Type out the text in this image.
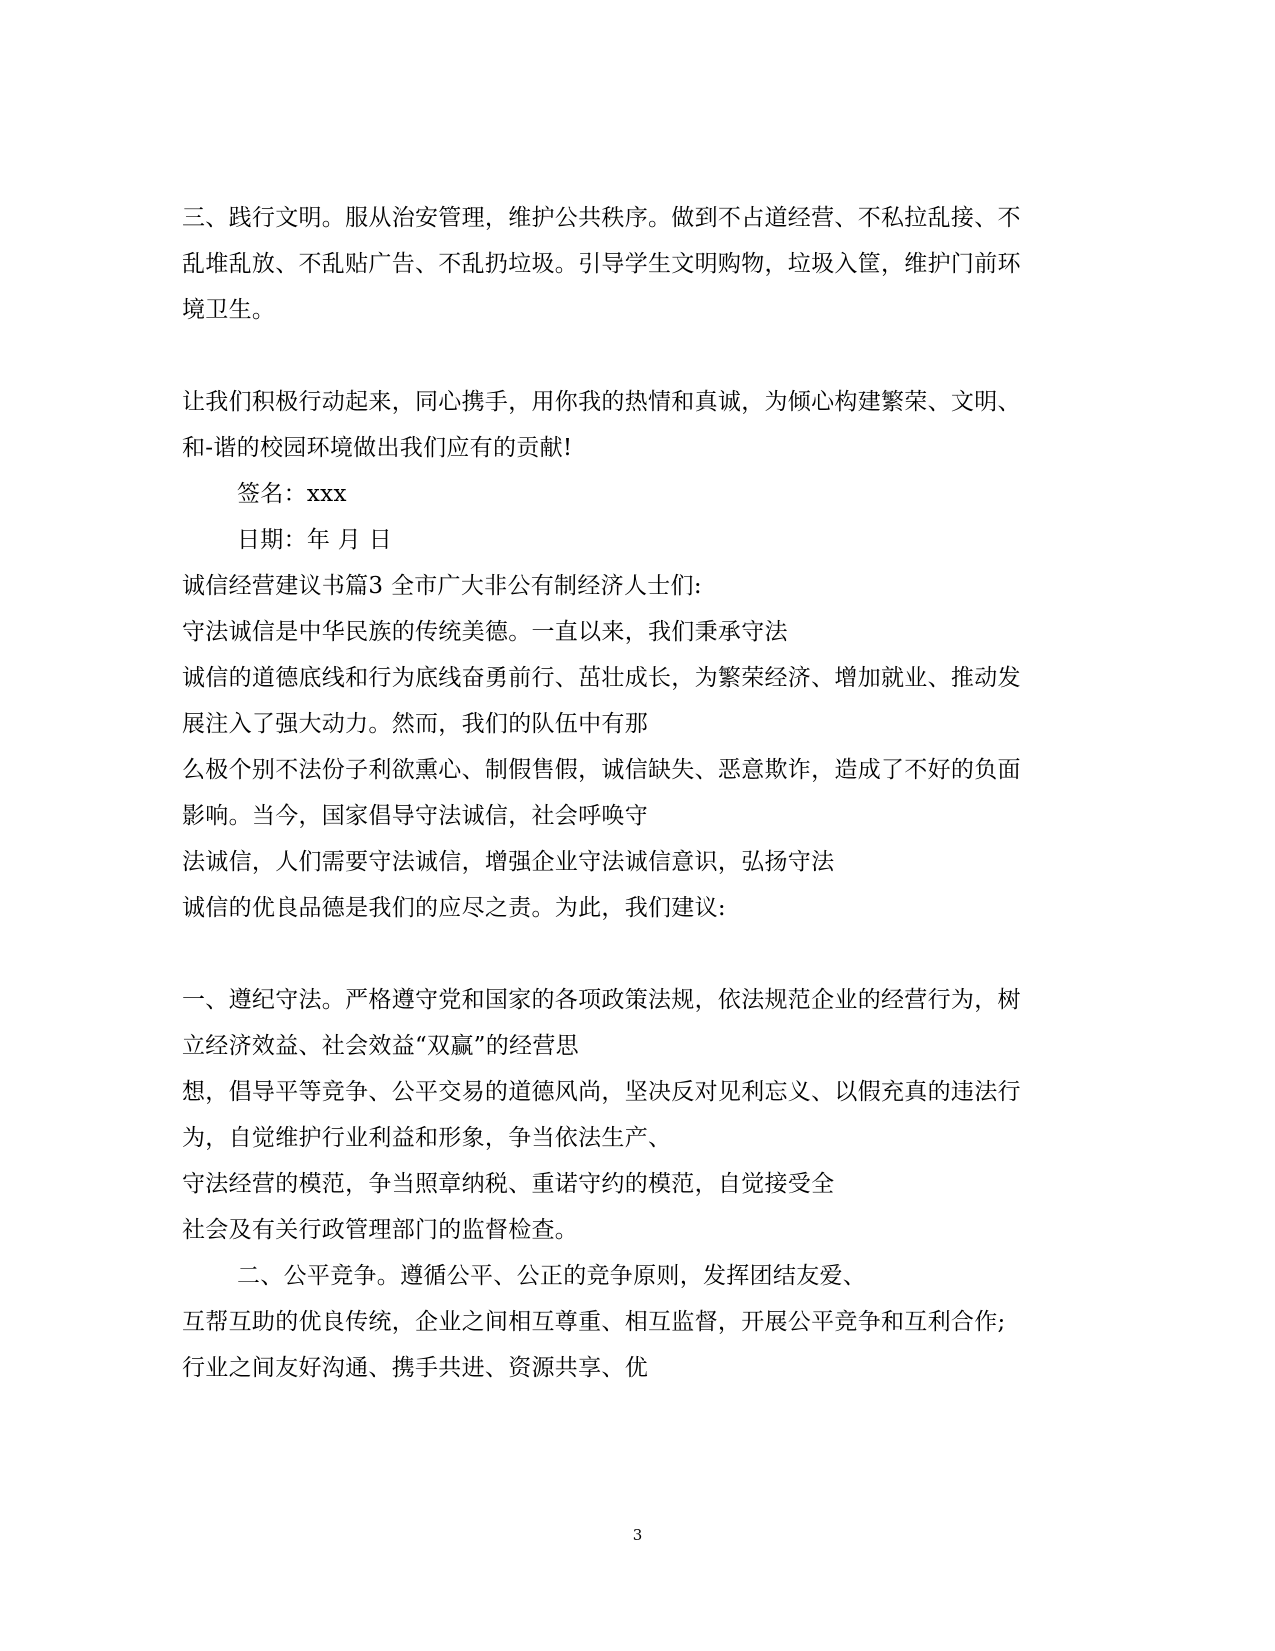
三、践行文明。服从治安管理，维护公共秩序。做到不占道经营、不私拉乱接、不
乱堆乱放、不乱贴广告、不乱扔垃圾。引导学生文明购物，垃圾入筐，维护门前环
境卫生。
让我们积极行动起来，同心携手，用你我的热情和真诚，为倾心构建繁荣、文明、
和-谐的校园环境做出我们应有的贡献!
签名：xxx
日期：年 月 日
诚信经营建议书篇3 全市广大非公有制经济人士们:
守法诚信是中华民族的传统美德。一直以来，我们秉承守法
诚信的道德底线和行为底线奋勇前行、茁壮成长，为繁荣经济、增加就业、推动发
展注入了强大动力。然而，我们的队伍中有那
么极个别不法份子利欲熏心、制假售假，诚信缺失、恶意欺诈，造成了不好的负面
影响。当今，国家倡导守法诚信，社会呼唤守
法诚信，人们需要守法诚信，增强企业守法诚信意识，弘扬守法
诚信的优良品德是我们的应尽之责。为此，我们建议:
一、遵纪守法。严格遵守党和国家的各项政策法规，依法规范企业的经营行为，树
立经济效益、社会效益“双赢”的经营思
想，倡导平等竞争、公平交易的道德风尚，坚决反对见利忘义、以假充真的违法行
为，自觉维护行业利益和形象，争当依法生产、
守法经营的模范，争当照章纳税、重诺守约的模范，自觉接受全
社会及有关行政管理部门的监督检查。
二、公平竞争。遵循公平、公正的竞争原则，发挥团结友爱、
互帮互助的优良传统，企业之间相互尊重、相互监督，开展公平竞争和互利合作;
行业之间友好沟通、携手共进、资源共享、优
3
